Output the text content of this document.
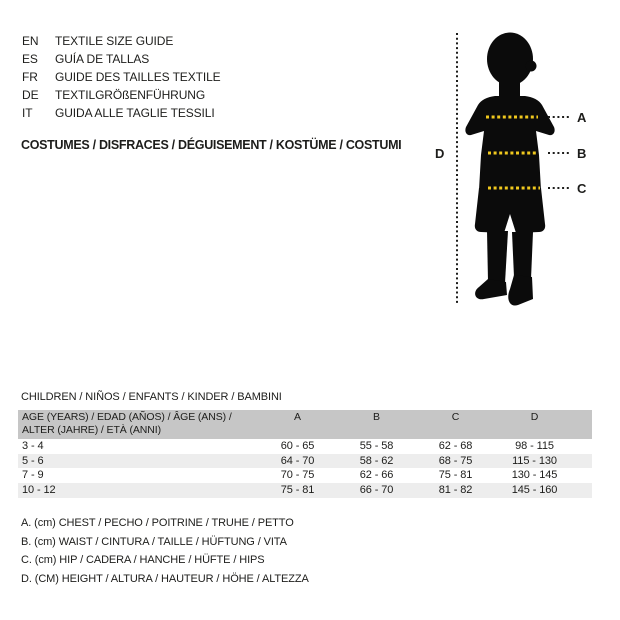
EN	TEXTILE SIZE GUIDE
ES	GUÍA DE TALLAS
FR	GUIDE DES TAILLES TEXTILE
DE	TEXTILGRÖßENFÜHRUNG
IT	GUIDA ALLE TAGLIE TESSILI
COSTUMES / DISFRACES / DÉGUISEMENT / KOSTÜME / COSTUMI
A
B
C
D
CHILDREN / NIÑOS / ENFANTS / KINDER / BAMBINI
AGE (YEARS) / EDAD (AÑOS) / ÂGE (ANS) /
ALTER (JAHRE) / ETÀ (ANNI)	A	B	C	D	
3 - 4	60 - 65	55 - 58	62 - 68	98 - 115	
5 - 6	64 - 70	58 - 62	68 - 75	115 - 130	
7 - 9	70 - 75	62 - 66	75 - 81	130 - 145	
10 - 12	75 - 81	66 - 70	81 - 82	145 - 160	
A. (cm) CHEST / PECHO / POITRINE / TRUHE / PETTO
B. (cm) WAIST / CINTURA / TAILLE / HÜFTUNG / VITA
C. (cm) HIP / CADERA / HANCHE / HÜFTE / HIPS
D. (CM) HEIGHT / ALTURA / HAUTEUR / HÖHE / ALTEZZA
